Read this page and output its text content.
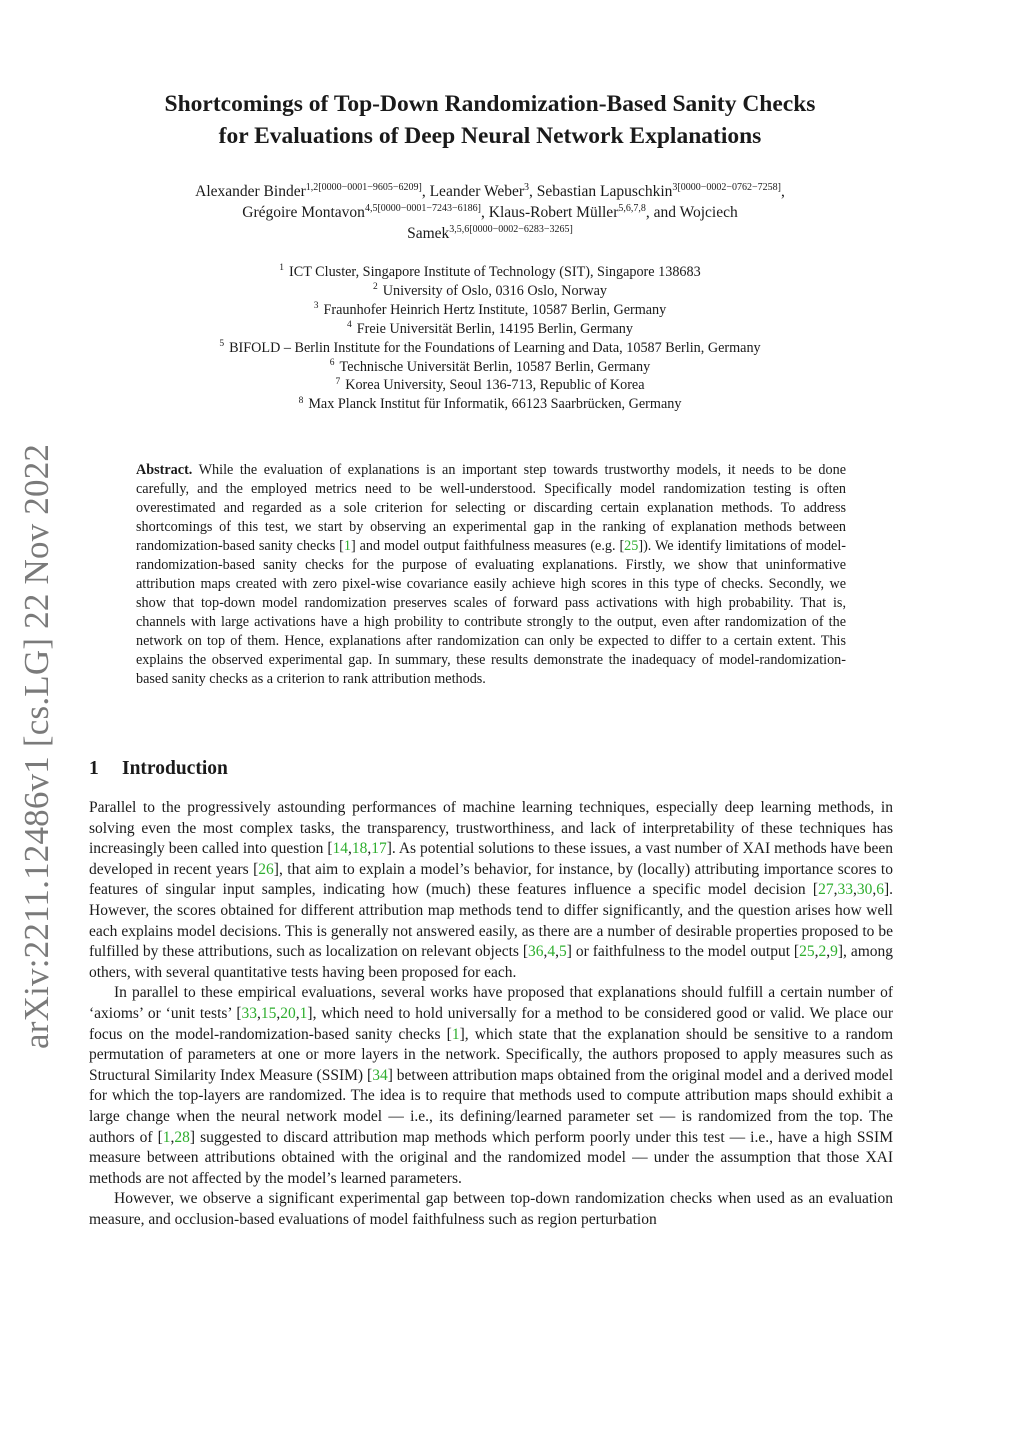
arXiv:2211.12486v1 [cs.LG] 22 Nov 2022
Shortcomings of Top-Down Randomization-Based Sanity Checks
for Evaluations of Deep Neural Network Explanations
Alexander Binder$^{1,2[0000-0001-9605-6209]}$, Leander Weber$^3$, Sebastian Lapuschkin$^{3[0000-0002-0762-7258]}$,
Grégoire Montavon$^{4,5[0000-0001-7243-6186]}$, Klaus-Robert Müller$^{5,6,7,8}$, and Wojciech
Samek$^{3,5,6[0000-0002-6283-3265]}$
$^1$ ICT Cluster, Singapore Institute of Technology (SIT), Singapore 138683
$^2$ University of Oslo, 0316 Oslo, Norway
$^3$ Fraunhofer Heinrich Hertz Institute, 10587 Berlin, Germany
$^4$ Freie Universität Berlin, 14195 Berlin, Germany
$^5$ BIFOLD – Berlin Institute for the Foundations of Learning and Data, 10587 Berlin, Germany
$^6$ Technische Universität Berlin, 10587 Berlin, Germany
$^7$ Korea University, Seoul 136-713, Republic of Korea
$^8$ Max Planck Institut für Informatik, 66123 Saarbrücken, Germany
Abstract. While the evaluation of explanations is an important step towards trustworthy models, it needs to be done carefully, and the employed metrics need to be well-understood. Specifically model randomization testing is often overestimated and regarded as a sole criterion for selecting or discarding certain explanation methods. To address shortcomings of this test, we start by observing an experimental gap in the ranking of explanation methods between randomization-based sanity checks [1] and model output faithfulness measures (e.g. [25]). We identify limitations of model-randomization-based sanity checks for the purpose of evaluating explanations. Firstly, we show that uninformative attribution maps created with zero pixel-wise covariance easily achieve high scores in this type of checks. Secondly, we show that top-down model randomization preserves scales of forward pass activations with high probability. That is, channels with large activations have a high probility to contribute strongly to the output, even after randomization of the network on top of them. Hence, explanations after randomization can only be expected to differ to a certain extent. This explains the observed experimental gap. In summary, these results demonstrate the inadequacy of model-randomization-based sanity checks as a criterion to rank attribution methods.
1 Introduction

Parallel to the progressively astounding performances of machine learning techniques, especially deep learning methods, in solving even the most complex tasks, the transparency, trustworthiness, and lack of interpretability of these techniques has increasingly been called into question [14,18,17]. As potential solutions to these issues, a vast number of XAI methods have been developed in recent years [26], that aim to explain a model’s behavior, for instance, by (locally) attributing importance scores to features of singular input samples, indicating how (much) these features influence a specific model decision [27,33,30,6]. However, the scores obtained for different attribution map methods tend to differ significantly, and the question arises how well each explains model decisions. This is generally not answered easily, as there are a number of desirable properties proposed to be fulfilled by these attributions, such as localization on relevant objects [36,4,5] or faithfulness to the model output [25,2,9], among others, with several quantitative tests having been proposed for each.

In parallel to these empirical evaluations, several works have proposed that explanations should fulfill a certain number of ‘axioms’ or ‘unit tests’ [33,15,20,1], which need to hold universally for a method to be considered good or valid. We place our focus on the model-randomization-based sanity checks [1], which state that the explanation should be sensitive to a random permutation of parameters at one or more layers in the network. Specifically, the authors proposed to apply measures such as Structural Similarity Index Measure (SSIM) [34] between attribution maps obtained from the original model and a derived model for which the top-layers are randomized. The idea is to require that methods used to compute attribution maps should exhibit a large change when the neural network model — i.e., its defining/learned parameter set — is randomized from the top. The authors of [1,28] suggested to discard attribution map methods which perform poorly under this test — i.e., have a high SSIM measure between attributions obtained with the original and the randomized model — under the assumption that those XAI methods are not affected by the model’s learned parameters.

However, we observe a significant experimental gap between top-down randomization checks when used as an evaluation measure, and occlusion-based evaluations of model faithfulness such as region perturbation
